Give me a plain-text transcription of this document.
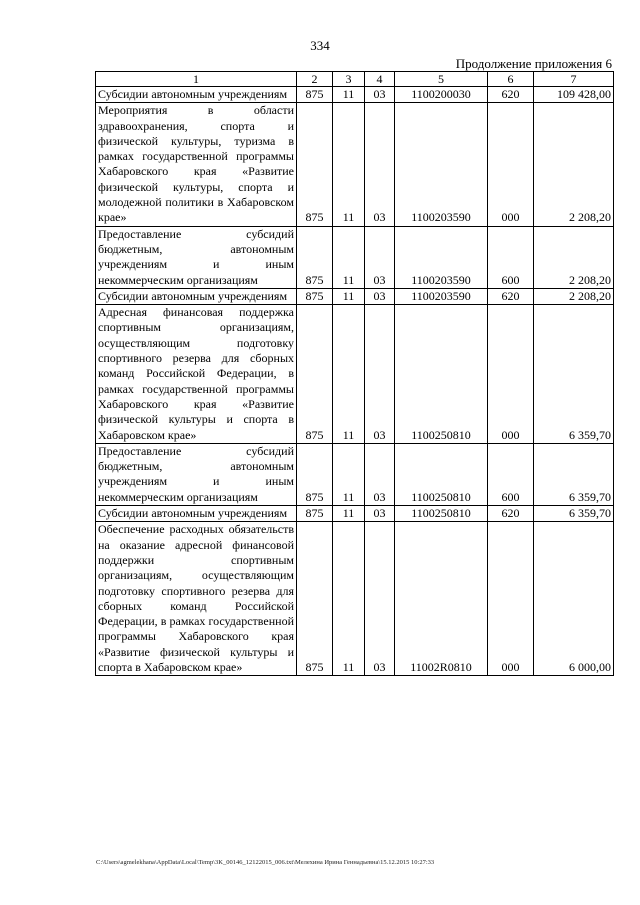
334
Продолжение приложения 6
1	2	3	4	5	6	7
Субсидии автономным учреждениям	875	11	03	1100200030	620	109 428,00
Мероприятия в области здравоохранения, спорта и физической культуры, туризма в рамках государственной программы Хабаровского края «Развитие физической культуры, спорта и молодежной политики в Хабаровском крае»	875	11	03	1100203590	000	2 208,20
Предоставление субсидий бюджетным, автономным учреждениям и иным некоммерческим организациям	875	11	03	1100203590	600	2 208,20
Субсидии автономным учреждениям	875	11	03	1100203590	620	2 208,20
Адресная финансовая поддержка спортивным организациям, осуществляющим подготовку спортивного резерва для сборных команд Российской Федерации, в рамках государственной программы Хабаровского края «Развитие физической культуры и спорта в Хабаровском крае»	875	11	03	1100250810	000	6 359,70
Предоставление субсидий бюджетным, автономным учреждениям и иным некоммерческим организациям	875	11	03	1100250810	600	6 359,70
Субсидии автономным учреждениям	875	11	03	1100250810	620	6 359,70
Обеспечение расходных обязательств на оказание адресной финансовой поддержки спортивным организациям, осуществляющим подготовку спортивного резерва для сборных команд Российской Федерации, в рамках государственной программы Хабаровского края «Развитие физической культуры и спорта в Хабаровском крае»	875	11	03	11002R0810	000	6 000,00
C:\Users\agmelekhana\AppData\Local\Temp\3K_00146_12122015_006.txt\Мелехина Ирина Геннадьевна\15.12.2015 10:27:33
